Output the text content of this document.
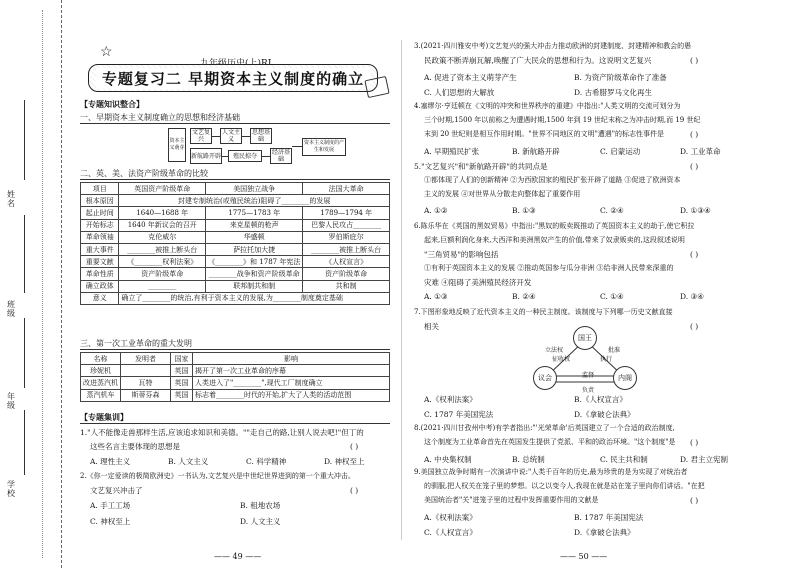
姓名
班级
年级
学校
☆
专题复习二 早期资本主义制度的确立
【专题知识整合】
一、早期资本主义制度确立的思想和经济基础
资本主义萌芽
文艺复兴
人文主义
思想基础
新航路开辟	殖民掠夺	经济基础
资本主义制度的产生和发展
二、英、美、法资产阶级革命的比较
项目	英国资产阶级革命	美国独立战争	法国大革命
根本原因	封建专制统治(或殖民统治)阻碍了________的发展		
起止时间	1640—1688 年	1775—1783 年	1789—1794 年
开始标志	1640 年新议会的召开	来克星顿的枪声	巴黎人民攻占________
革命领袖	克伦威尔	华盛顿	罗伯斯庇尔
重大事件	________被推上断头台	萨拉托加大捷	________被推上断头台
重要文献	《________权利法案》	《________》和 1787 年宪法	《人权宣言》
革命性质	资产阶级革命	________战争和资产阶级革命	资产阶级革命
确立政体	________	联邦制共和制	共和制
意义	确立了________的统治,有利于资本主义的发展,为________制度奠定基础		
三、第一次工业革命的重大发明
名称	发明者	国家	影响
珍妮机		英国	揭开了第一次工业革命的序幕
改进蒸汽机	瓦特	英国	人类进入了"________",现代工厂制度确立
蒸汽机车	斯蒂芬森	英国	标志着________时代的开始,扩大了人类的活动范围
【专题集训】
1."人不能像走兽那样生活,应该追求知识和美德。""走自己的路,让别人说去吧!"但丁的
这些名言主要体现的思想是	( )
A. 理性主义	B. 人文主义	C. 科学精神	D. 神权至上
2.《你一定爱读的极简欧洲史》一书认为,文艺复兴是中世纪世界进到的第一个重大冲击。
文艺复兴冲击了	( )
A. 手工工场	B. 租地农场
C. 神权至上	D. 人文主义
—— 49 ——
3.(2021·四川雅安中考)文艺复兴的强大冲击力推动欧洲的封建制度、封建精神和教会的愚
民政策不断弄崩瓦解,唤醒了广大民众的思想和行为。这说明文艺复兴	( )
A. 促进了资本主义萌芽产生	B. 为资产阶级革命作了准备
C. 人们思想的大解放	D. 古希腊罗马文化再生
4.塞缪尔·亨廷顿在《文明的冲突和世界秩序的重建》中指出:"人类文明的交流可划分为
三个时期,1500 年以前称之为遭遇时期,1500 年到 19 世纪末称之为冲击时期,而 19 世纪
末到 20 世纪则是相互作用时期。"世界不同地区的文明"遭遇"的标志性事件是	( )
A. 早期殖民扩张	B. 新航路开辟	C. 启蒙运动	D. 工业革命
5."文艺复兴"和"新航路开辟"的共同点是	( )
①都体现了人们的创新精神 ②为西欧国家的殖民扩张开辟了道路 ③促进了欧洲资本
主义的发展 ④对世界从分散走向整体起了重要作用
A. ①②	B. ①③	C. ②④	D. ①③④
6.陈乐华在《英国的黑奴贸易》中指出:"黑奴的贩卖既推动了英国资本主义的劫于,使它积拉
起来,巨额利润化身来,大西洋和美洲黑奴产生的价值,带来了奴隶贩卖的,这段叙述说明
"三角贸易"的影响包括	( )
①有利于英国资本主义的发展 ②推动英国参与瓜分非洲 ③给非洲人民带来深重的
灾难 ④阻碍了美洲殖民经济开发
A. ①③	B. ②④	C. ①④	D. ③④
7.下图形象地反映了近代资本主义的一种民主制度。该制度与下列哪一历史文献直接
相关	( )
国王
议会	内阁
立法权
征收权
批准
执行
监督
负责
A.《权利法案》	B.《人权宣言》
C. 1787 年美国宪法	D.《拿破仑法典》
8.(2021·四川甘孜州中考)有学者指出:"'光荣革命'后英国建立了一个合适的政治制度,
这个制度为工业革命首先在英国发生提供了党派、平和的政治环境。"这个制度"是 ( )
A. 中央集权制	B. 总统制	C. 民主共和制	D. 君主立宪制
9.美国独立战争时期有一次演讲中说:"人类千百年的历史,最为珍贵的是为实现了对统治者
的驯服,把人权关在笼子里的梦想。以之以变今人,我现在就是站在笼子里向你们讲话。"在把
美国统治者"关"进笼子里的过程中发挥重要作用的文献是	( )
A.《权利法案》	B. 1787 年美国宪法
C.《人权宣言》	D.《拿破仑法典》
—— 50 ——
